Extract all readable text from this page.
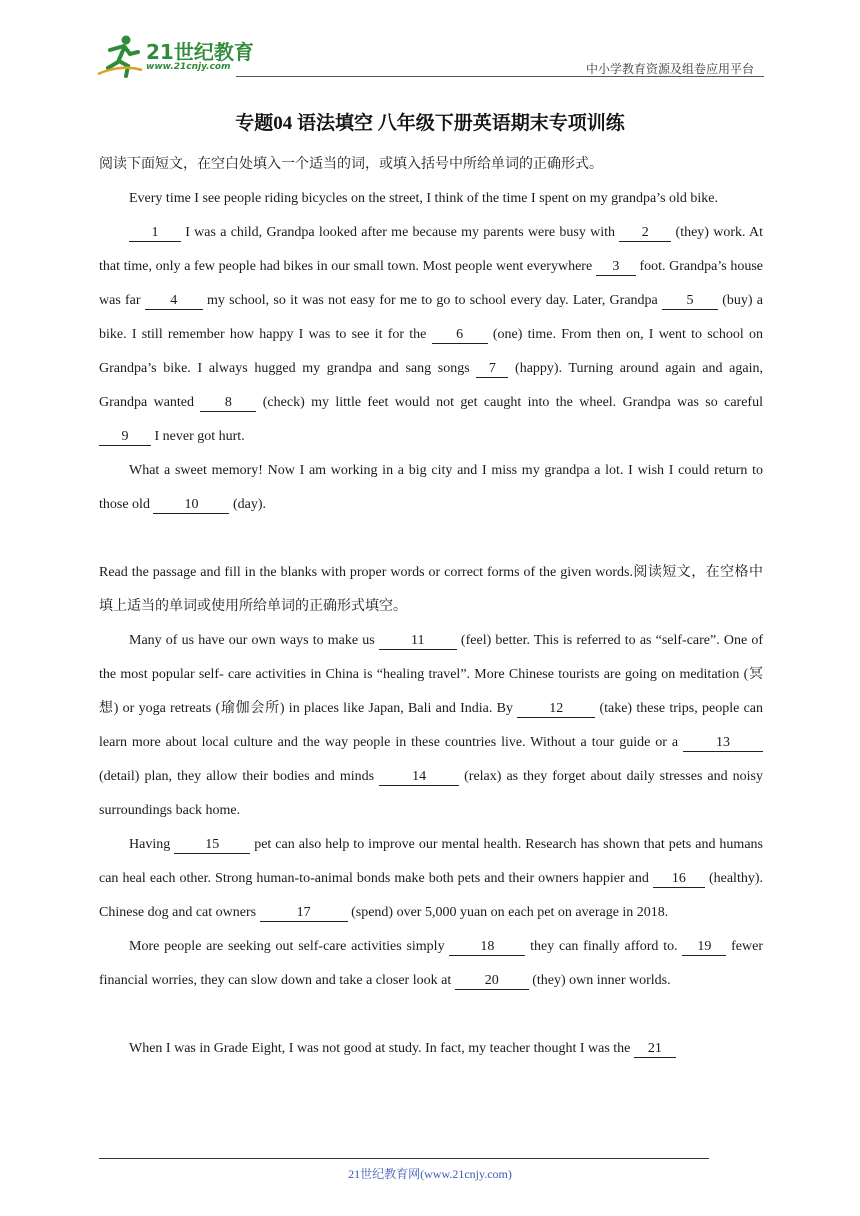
21世纪教育
www.21cnjy.com	中小学教育资源及组卷应用平台
专题04 语法填空 八年级下册英语期末专项训练

阅读下面短文，在空白处填入一个适当的词，或填入括号中所给单词的正确形式。

Every time I see people riding bicycles on the street, I think of the time I spent on my grandpa’s old bike.

1 I was a child, Grandpa looked after me because my parents were busy with 2 (they) work. At that time, only a few people had bikes in our small town. Most people went everywhere 3 foot. Grandpa’s house was far 4 my school, so it was not easy for me to go to school every day. Later, Grandpa 5 (buy) a bike. I still remember how happy I was to see it for the 6 (one) time. From then on, I went to school on Grandpa’s bike. I always hugged my grandpa and sang songs 7 (happy). Turning around again and again, Grandpa wanted 8 (check) my little feet would not get caught into the wheel. Grandpa was so careful 9 I never got hurt.

What a sweet memory! Now I am working in a big city and I miss my grandpa a lot. I wish I could return to those old 10 (day).

Read the passage and fill in the blanks with proper words or correct forms of the given words.阅读短文，在空格中填上适当的单词或使用所给单词的正确形式填空。

Many of us have our own ways to make us 11 (feel) better. This is referred to as “self-care”. One of the most popular self- care activities in China is “healing travel”. More Chinese tourists are going on meditation (冥想) or yoga retreats (瑜伽会所) in places like Japan, Bali and India. By 12 (take) these trips, people can learn more about local culture and the way people in these countries live. Without a tour guide or a 13 (detail) plan, they allow their bodies and minds 14 (relax) as they forget about daily stresses and noisy surroundings back home.

Having 15 pet can also help to improve our mental health. Research has shown that pets and humans can heal each other. Strong human-to-animal bonds make both pets and their owners happier and 16 (healthy). Chinese dog and cat owners	17	(spend) over 5,000 yuan on each pet on average in 2018.

More people are seeking out self-care activities simply 18 they can finally afford to. 19 fewer financial worries, they can slow down and take a closer look at 20 (they) own inner worlds.

When I was in Grade Eight, I was not good at study. In fact, my teacher thought I was the 21

21世纪教育网(www.21cnjy.com)
